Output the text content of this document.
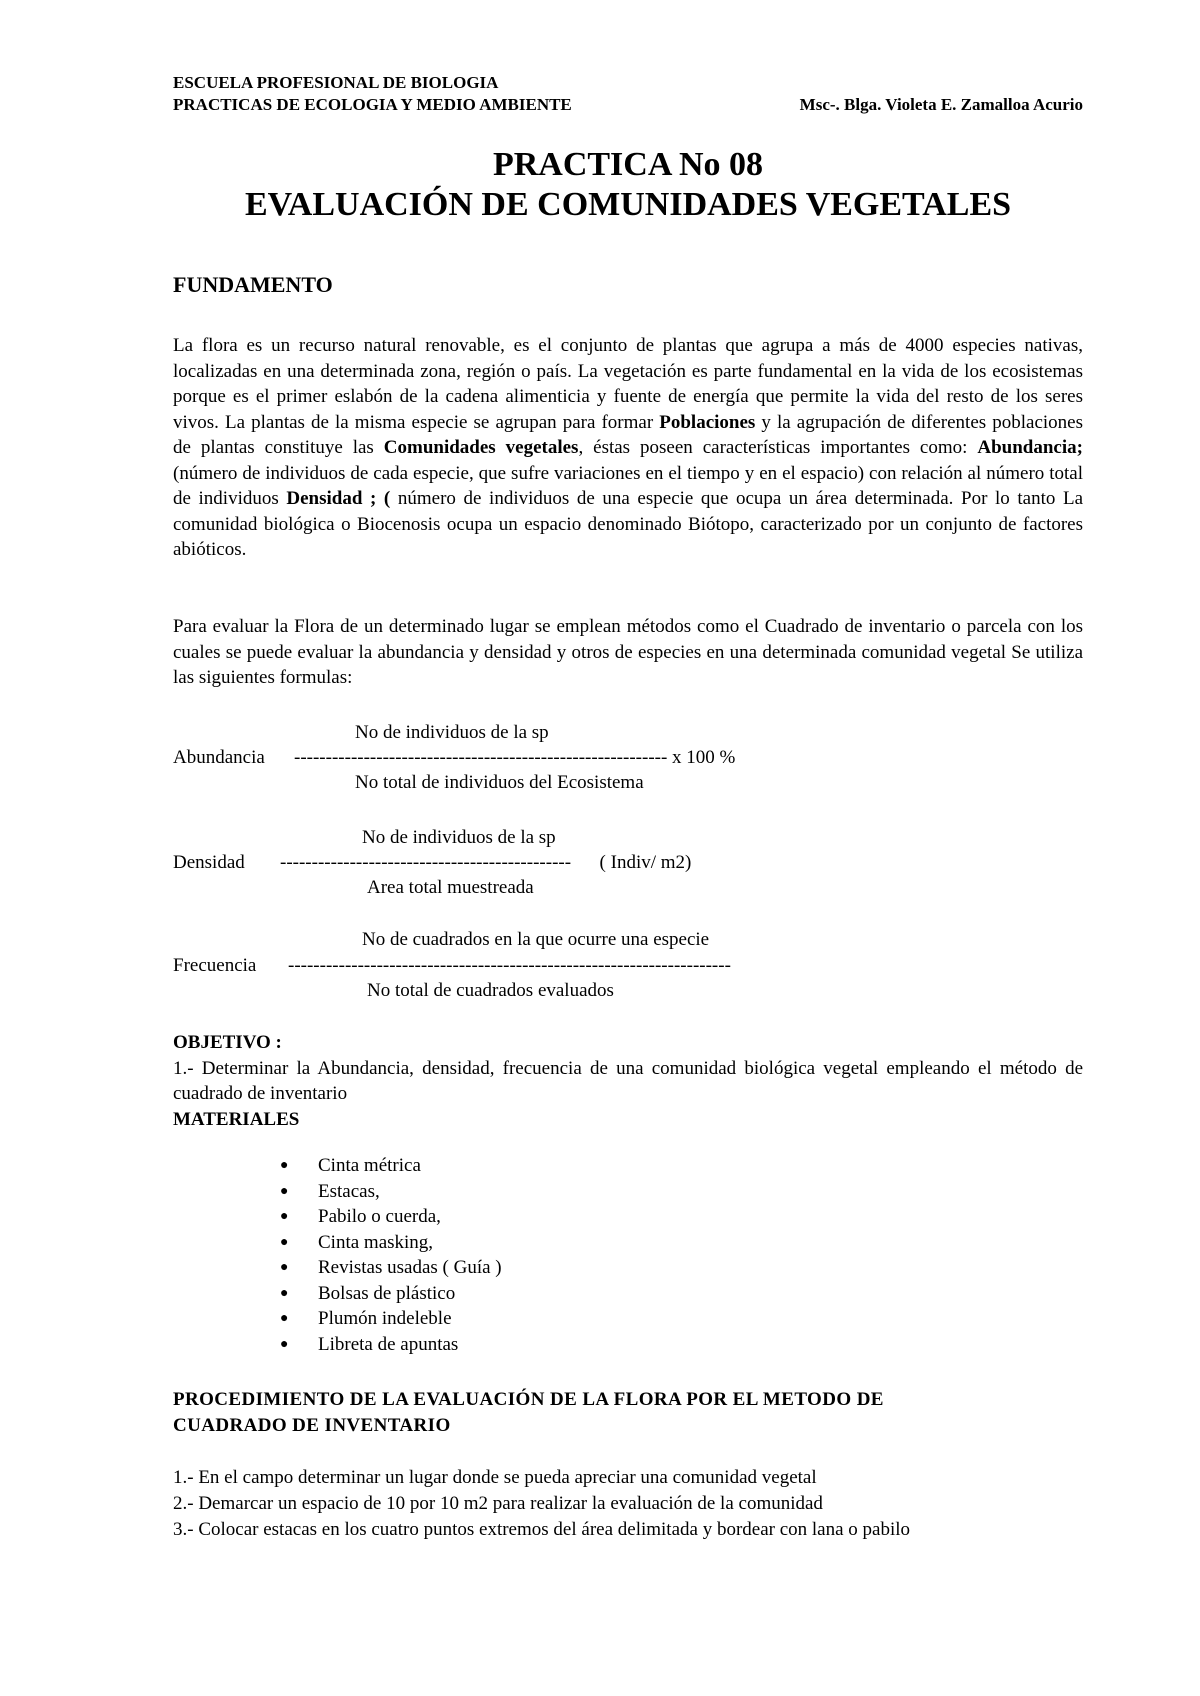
ESCUELA PROFESIONAL DE BIOLOGIA
PRACTICAS DE ECOLOGIA Y MEDIO AMBIENTE	Msc-. Blga. Violeta E. Zamalloa Acurio
PRACTICA No 08
EVALUACIÓN DE COMUNIDADES VEGETALES
FUNDAMENTO
La flora es un recurso natural renovable, es el conjunto de plantas que agrupa a más de 4000 especies nativas, localizadas en una determinada zona, región o país. La vegetación es parte fundamental en la vida de los ecosistemas porque es el primer eslabón de la cadena alimenticia y fuente de energía que permite la vida del resto de los seres vivos. La plantas de la misma especie se agrupan para formar Poblaciones y la agrupación de diferentes poblaciones de plantas constituye las Comunidades vegetales, éstas poseen características importantes como: Abundancia; (número de individuos de cada especie, que sufre variaciones en el tiempo y en el espacio) con relación al número total de individuos Densidad ; ( número de individuos de una especie que ocupa un área determinada. Por lo tanto La comunidad biológica o Biocenosis ocupa un espacio denominado Biótopo, caracterizado por un conjunto de factores abióticos.
Para evaluar la Flora de un determinado lugar se emplean métodos como el Cuadrado de inventario o parcela con los cuales se puede evaluar la abundancia y densidad y otros de especies en una determinada comunidad vegetal Se utiliza las siguientes formulas:
No de individuos de la sp
Abundancia ----------------------------------------------------------- x 100 %
No total de individuos del Ecosistema
No de individuos de la sp
Densidad ----------------------------------------------      ( Indiv/ m2)
Area total muestreada
No de cuadrados en la que ocurre una especie
Frecuencia ----------------------------------------------------------------------
No total de cuadrados evaluados
OBJETIVO :
1.- Determinar la Abundancia, densidad, frecuencia de una comunidad biológica vegetal empleando el método de cuadrado de inventario
MATERIALES
● Cinta métrica
● Estacas,
● Pabilo o cuerda,
● Cinta masking,
● Revistas usadas ( Guía )
● Bolsas de plástico
● Plumón indeleble
● Libreta de apuntas
PROCEDIMIENTO DE LA EVALUACIÓN DE LA FLORA POR EL METODO DE
CUADRADO DE INVENTARIO
1.- En el campo determinar un lugar donde se pueda apreciar una comunidad vegetal
2.- Demarcar un espacio de 10 por 10 m2 para realizar la evaluación de la comunidad
3.- Colocar estacas en los cuatro puntos extremos del área delimitada y bordear con lana o pabilo
